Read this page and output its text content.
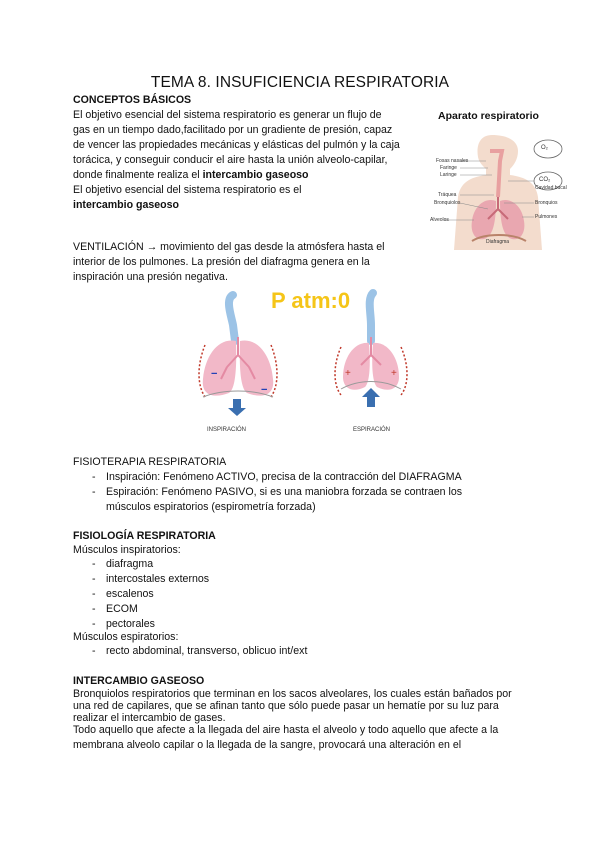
TEMA 8. INSUFICIENCIA RESPIRATORIA
CONCEPTOS BÁSICOS
El objetivo esencial del sistema respiratorio es generar un flujo de gas en un tiempo dado,facilitado por un gradiente de presión, capaz de vencer las propiedades mecánicas y elásticas del pulmón y la caja torácica, y conseguir conducir el aire hasta la unión alveolo-capilar, donde finalmente realiza el intercambio gaseoso
El objetivo esencial del sistema respiratorio es el intercambio gaseoso
Aparato respiratorio
O₂
CO₂
Fosas nasales
Faringe
Laringe
Tráquea
Bronquiolos
Alveolos
Cavidad bucal
Bronquios
Pulmones
Diafragma
VENTILACIÓN → movimiento del gas desde la atmósfera hasta el interior de los pulmones. La presión del diafragma genera en la inspiración una presión negativa.
P atm:0
−
−
+	+
INSPIRACIÓN	ESPIRACIÓN
FISIOTERAPIA RESPIRATORIA
- Inspiración: Fenómeno ACTIVO, precisa de la contracción del DIAFRAGMA
- Espiración: Fenómeno PASIVO, si es una maniobra forzada se contraen los músculos espiratorios (espirometría forzada)
FISIOLOGÍA RESPIRATORIA
Músculos inspiratorios:
- diafragma
- intercostales externos
- escalenos
- ECOM
- pectorales
Músculos espiratorios:
- recto abdominal, transverso, oblicuo int/ext
INTERCAMBIO GASEOSO
Bronquiolos respiratorios que terminan en los sacos alveolares, los cuales están bañados por una red de capilares, que se afinan tanto que sólo puede pasar un hematíe por su luz para realizar el intercambio de gases.
Todo aquello que afecte a la llegada del aire hasta el alveolo y todo aquello que afecte a la membrana alveolo capilar o la llegada de la sangre, provocará una alteración en el
